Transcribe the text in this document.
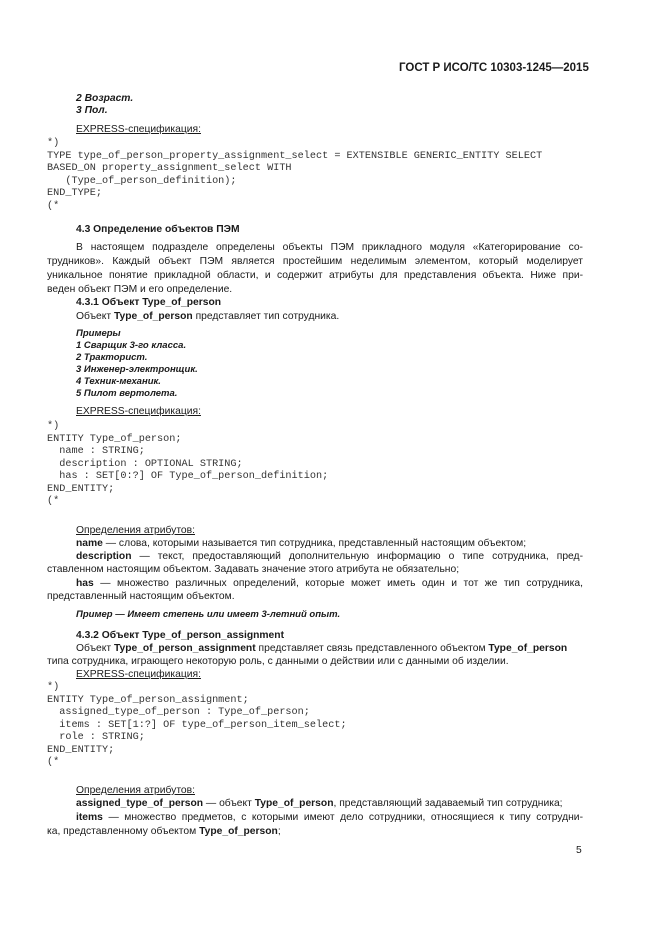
ГОСТ Р ИСО/ТС 10303-1245—2015
2 Возраст.
3 Пол.
EXPRESS-спецификация:
*)
TYPE type_of_person_property_assignment_select = EXTENSIBLE GENERIC_ENTITY SELECT
BASED_ON property_assignment_select WITH
(Type_of_person_definition);
END_TYPE;
(*
4.3 Определение объектов ПЭМ
В настоящем подразделе определены объекты ПЭМ прикладного модуля «Категорирование со-
трудников». Каждый объект ПЭМ является простейшим неделимым элементом, который моделирует
уникальное понятие прикладной области, и содержит атрибуты для представления объекта. Ниже при-
веден объект ПЭМ и его определение.
4.3.1 Объект Type_of_person
Объект Type_of_person представляет тип сотрудника.
Примеры
1 Сварщик 3-го класса.
2 Тракторист.
3 Инженер-электронщик.
4 Техник-механик.
5 Пилот вертолета.
EXPRESS-спецификация:
*)
ENTITY Type_of_person;
name : STRING;
description : OPTIONAL STRING;
has : SET[0:?] OF Type_of_person_definition;
END_ENTITY;
(*
Определения атрибутов:
name — слова, которыми называется тип сотрудника, представленный настоящим объектом;
description — текст, предоставляющий дополнительную информацию о типе сотрудника, пред-
ставленном настоящим объектом. Задавать значение этого атрибута не обязательно;
has — множество различных определений, которые может иметь один и тот же тип сотрудника,
представленный настоящим объектом.
Пример — Имеет степень или имеет 3-летний опыт.
4.3.2 Объект Type_of_person_assignment
Объект Type_of_person_assignment представляет связь представленного объектом Type_of_person
типа сотрудника, играющего некоторую роль, с данными о действии или с данными об изделии.
EXPRESS-спецификация:
*)
ENTITY Type_of_person_assignment;
assigned_type_of_person : Type_of_person;
items : SET[1:?] OF type_of_person_item_select;
role : STRING;
END_ENTITY;
(*
Определения атрибутов:
assigned_type_of_person — объект Type_of_person, представляющий задаваемый тип сотрудника;
items — множество предметов, с которыми имеют дело сотрудники, относящиеся к типу сотрудни-
ка, представленному объектом Type_of_person;
5
